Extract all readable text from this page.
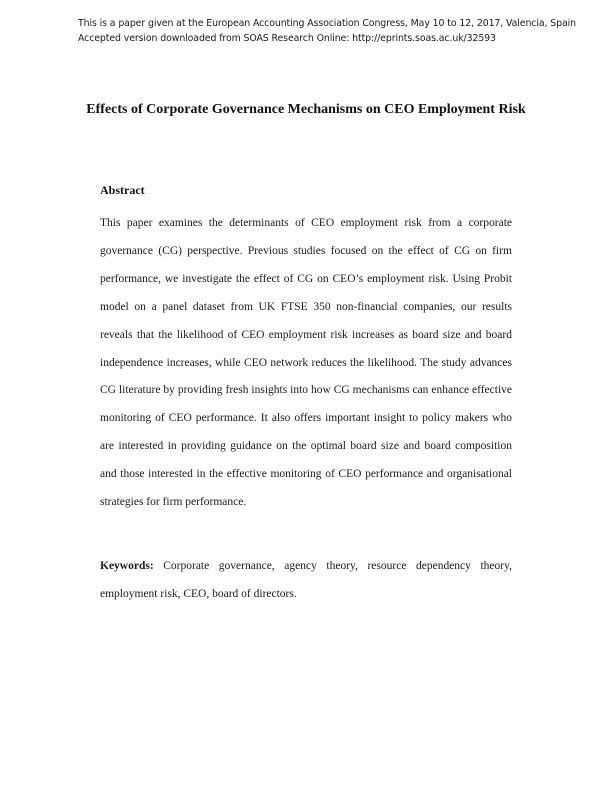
This is a paper given at the European Accounting Association Congress, May 10 to 12, 2017, Valencia, Spain
Accepted version downloaded from SOAS Research Online: http://eprints.soas.ac.uk/32593
Effects of Corporate Governance Mechanisms on CEO Employment Risk
Abstract

This paper examines the determinants of CEO employment risk from a corporate governance (CG) perspective. Previous studies focused on the effect of CG on firm performance, we investigate the effect of CG on CEO’s employment risk. Using Probit model on a panel dataset from UK FTSE 350 non-financial companies, our results reveals that the likelihood of CEO employment risk increases as board size and board independence increases, while CEO network reduces the likelihood. The study advances CG literature by providing fresh insights into how CG mechanisms can enhance effective monitoring of CEO performance. It also offers important insight to policy makers who are interested in providing guidance on the optimal board size and board composition and those interested in the effective monitoring of CEO performance and organisational strategies for firm performance.

Keywords: Corporate governance, agency theory, resource dependency theory, employment risk, CEO, board of directors.
